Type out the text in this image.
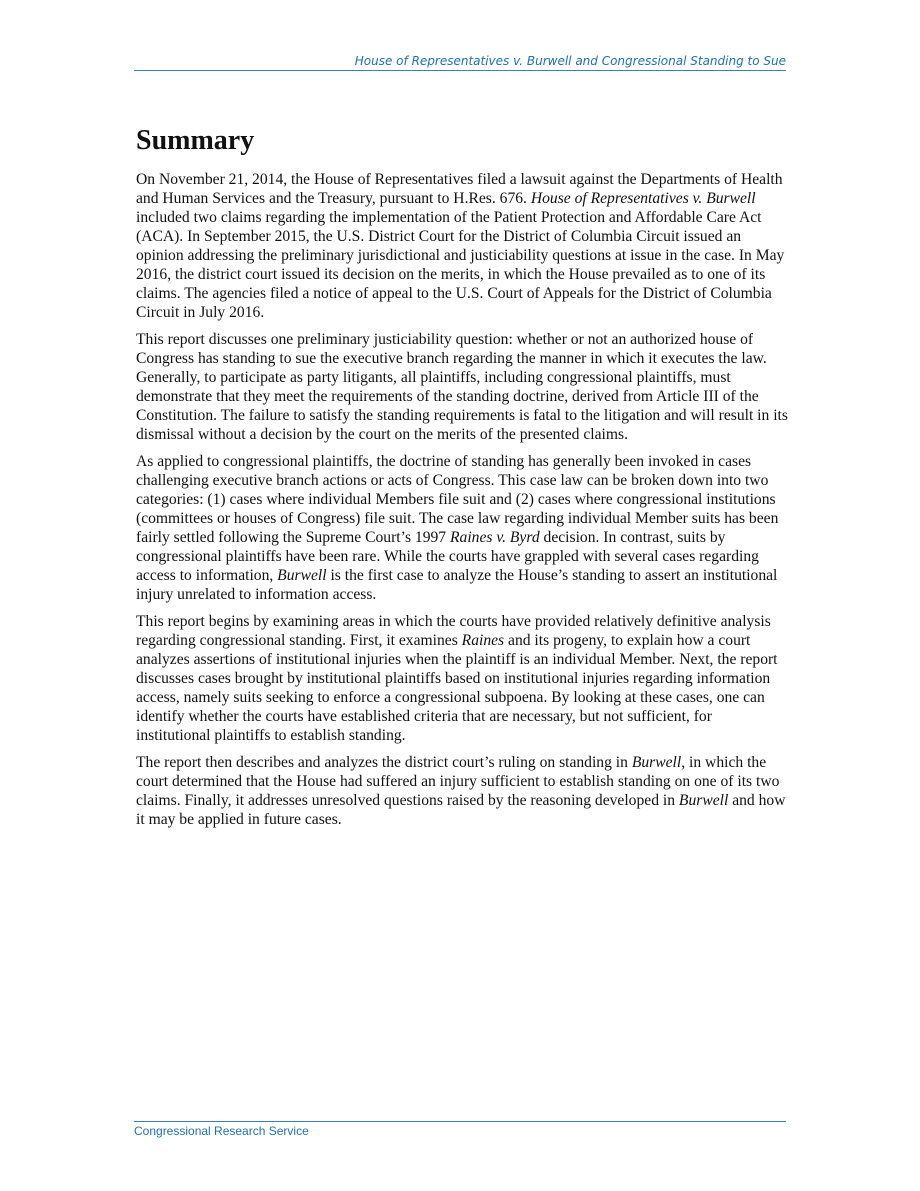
House of Representatives v. Burwell and Congressional Standing to Sue
Summary

On November 21, 2014, the House of Representatives filed a lawsuit against the Departments of Health and Human Services and the Treasury, pursuant to H.Res. 676. House of Representatives v. Burwell included two claims regarding the implementation of the Patient Protection and Affordable Care Act (ACA). In September 2015, the U.S. District Court for the District of Columbia Circuit issued an opinion addressing the preliminary jurisdictional and justiciability questions at issue in the case. In May 2016, the district court issued its decision on the merits, in which the House prevailed as to one of its claims. The agencies filed a notice of appeal to the U.S. Court of Appeals for the District of Columbia Circuit in July 2016.

This report discusses one preliminary justiciability question: whether or not an authorized house of Congress has standing to sue the executive branch regarding the manner in which it executes the law. Generally, to participate as party litigants, all plaintiffs, including congressional plaintiffs, must demonstrate that they meet the requirements of the standing doctrine, derived from Article III of the Constitution. The failure to satisfy the standing requirements is fatal to the litigation and will result in its dismissal without a decision by the court on the merits of the presented claims.

As applied to congressional plaintiffs, the doctrine of standing has generally been invoked in cases challenging executive branch actions or acts of Congress. This case law can be broken down into two categories: (1) cases where individual Members file suit and (2) cases where congressional institutions (committees or houses of Congress) file suit. The case law regarding individual Member suits has been fairly settled following the Supreme Court’s 1997 Raines v. Byrd decision. In contrast, suits by congressional plaintiffs have been rare. While the courts have grappled with several cases regarding access to information, Burwell is the first case to analyze the House’s standing to assert an institutional injury unrelated to information access.

This report begins by examining areas in which the courts have provided relatively definitive analysis regarding congressional standing. First, it examines Raines and its progeny, to explain how a court analyzes assertions of institutional injuries when the plaintiff is an individual Member. Next, the report discusses cases brought by institutional plaintiffs based on institutional injuries regarding information access, namely suits seeking to enforce a congressional subpoena. By looking at these cases, one can identify whether the courts have established criteria that are necessary, but not sufficient, for institutional plaintiffs to establish standing.

The report then describes and analyzes the district court’s ruling on standing in Burwell, in which the court determined that the House had suffered an injury sufficient to establish standing on one of its two claims. Finally, it addresses unresolved questions raised by the reasoning developed in Burwell and how it may be applied in future cases.

Congressional Research Service
